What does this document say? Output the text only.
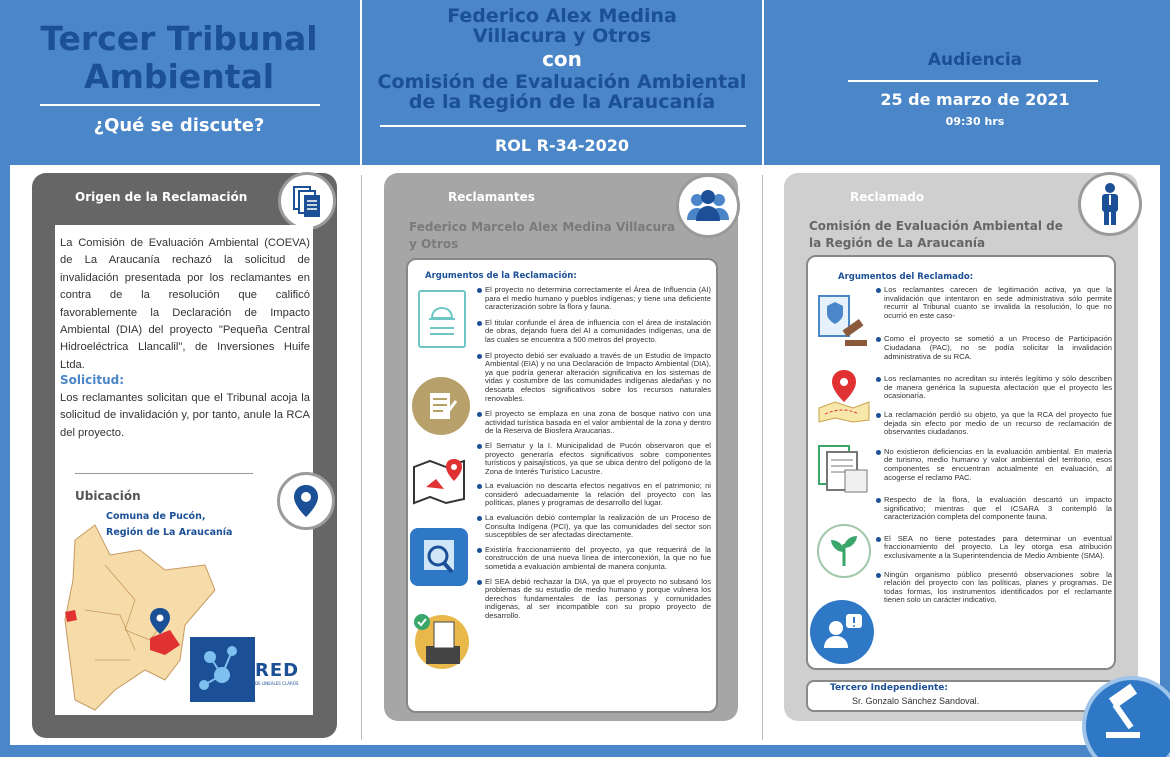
Tercer Tribunal Ambiental
¿Qué se discute?
Federico Alex Medina
Villacura y Otros
con
Comisión de Evaluación Ambiental
de la Región de la Araucanía
ROL R-34-2020
Audiencia
25 de marzo de 2021
09:30 hrs
Origen de la Reclamación
La Comisión de Evaluación Ambiental (COEVA) de La Araucanía rechazó la solicitud de invalidación presentada por los reclamantes en contra de la resolución que calificó favorablemente la Declaración de Impacto Ambiental (DIA) del proyecto "Pequeña Central Hidroeléctrica Llancalil", de Inversiones Huife Ltda.
Solicitud:
Los reclamantes solicitan que el Tribunal acoja la solicitud de invalidación y, por tanto, anule la RCA del proyecto.
Ubicación
Comuna de Pucón,
Región de La Araucanía
RED
DE LINEALES CLAROS
Reclamantes
Federico Marcelo Alex Medina Villacura y Otros
Argumentos de la Reclamación:
El proyecto no determina correctamente el Área de Influencia (AI) para el medio humano y pueblos indígenas; y tiene una deficiente caracterización sobre la flora y fauna.
El titular confunde el área de influencia con el área de instalación de obras, dejando fuera del AI a comunidades indígenas, una de las cuales se encuentra a 500 metros del proyecto.
El proyecto debió ser evaluado a través de un Estudio de Impacto Ambiental (EIA) y no una Declaración de Impacto Ambiental (DIA), ya que podría generar alteración significativa en los sistemas de vidas y costumbre de las comunidades indígenas aledañas y no descarta efectos significativos sobre los recursos naturales renovables.
El proyecto se emplaza en una zona de bosque nativo con una actividad turística basada en el valor ambiental de la zona y dentro de la Reserva de Biosfera Araucarias..
El Sernatur y la I. Municipalidad de Pucón observaron que el proyecto generaría efectos significativos sobre componentes turísticos y paisajísticos, ya que se ubica dentro del polígono de la Zona de Interés Turístico Lacustre.
La evaluación no descarta efectos negativos en el patrimonio; ni consideró adecuadamente la relación del proyecto con las políticas, planes y programas de desarrollo del lugar.
La evaluación debió contemplar la realización de un Proceso de Consulta Indígena (PCI), ya que las comunidades del sector son susceptibles de ser afectadas directamente.
Existiría fraccionamiento del proyecto, ya que requerirá de la construcción de una nueva línea de interconexión, la que no fue sometida a evaluación ambiental de manera conjunta.
El SEA debió rechazar la DIA, ya que el proyecto no subsanó los problemas de su estudio de medio humano y porque vulnera los derechos fundamentales de las personas y comunidades indígenas, al ser incompatible con su propio proyecto de desarrollo.
Reclamado
Comisión de Evaluación Ambiental de la Región de La Araucanía
Argumentos del Reclamado:
Los reclamantes carecen de legitimación activa, ya que la invalidación que intentaron en sede administrativa sólo permite recurrir al Tribunal cuanto se invalida la resolución, lo que no ocurrió en este caso-
Como el proyecto se sometió a un Proceso de Participación Ciudadana (PAC), no se podía solicitar la invalidación administrativa de su RCA.
Los reclamantes no acreditan su interés legítimo y sólo describen de manera genérica la supuesta afectación que el proyecto les ocasionaría.
La reclamación perdió su objeto, ya que la RCA del proyecto fue dejada sin efecto por medio de un recurso de reclamación de observantes ciudadanos.
No existieron deficiencias en la evaluación ambiental. En materia de turismo, medio humano y valor ambiental del territorio, esos componentes se encuentran actualmente en evaluación, al acogerse el reclamo PAC.
Respecto de la flora, la evaluación descartó un impacto significativo; mientras que el ICSARA 3 contempló la caracterización completa del componente fauna.
El SEA no tiene potestades para determinar un eventual fraccionamiento del proyecto. La ley otorga esa atribución exclusivamente a la Superintendencia de Medio Ambiente (SMA).
Ningún organismo público presentó observaciones sobre la relación del proyecto con las políticas, planes y programas. De todas formas, los instrumentos identificados por el reclamante tienen solo un carácter indicativo.
Tercero Independiente:
Sr. Gonzalo Sánchez Sandoval.
